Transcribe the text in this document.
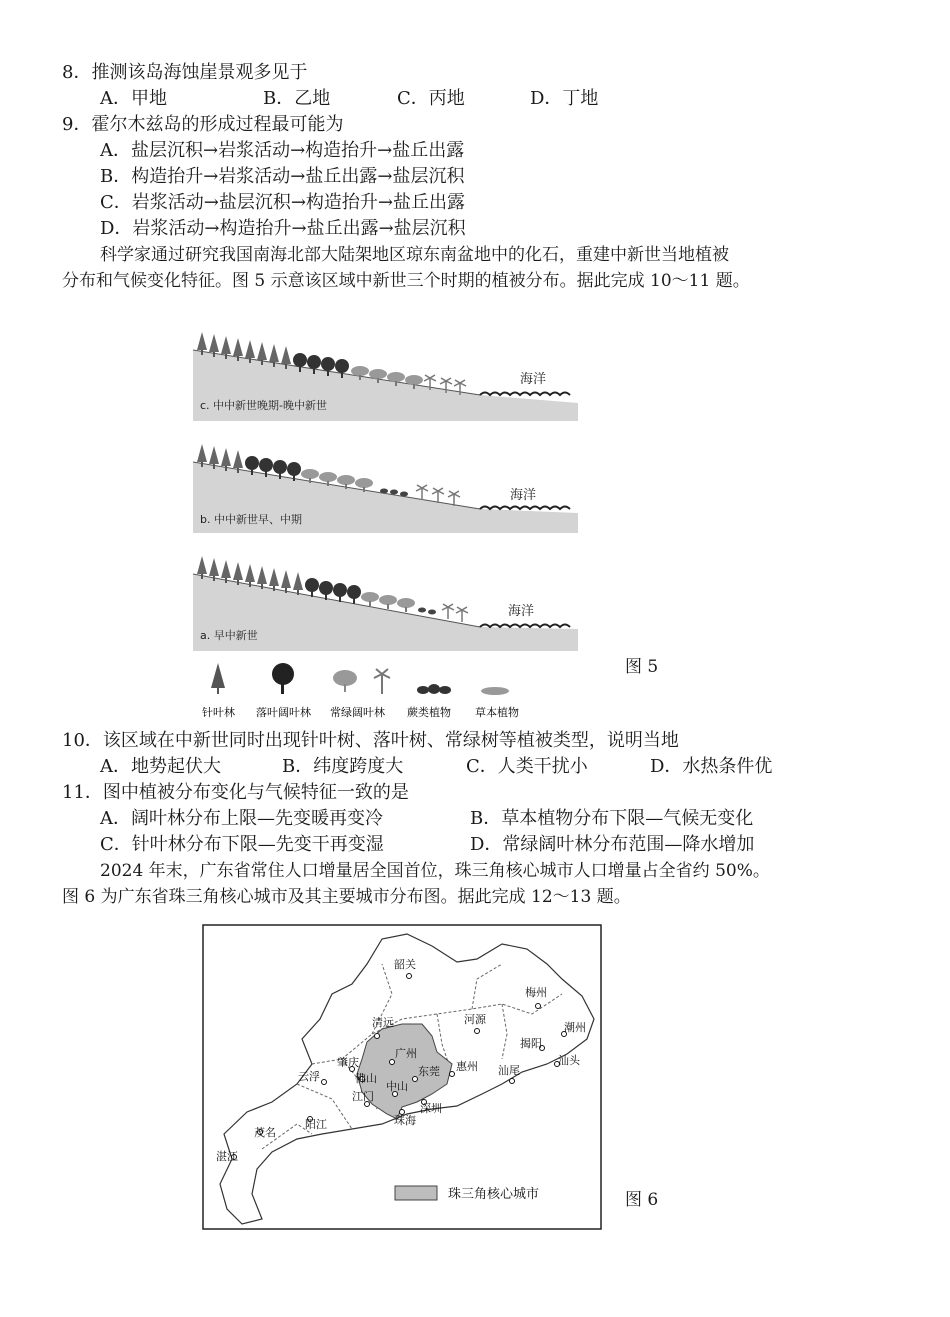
8．推测该岛海蚀崖景观多见于
A．甲地	B．乙地	C．丙地	D．丁地
9．霍尔木兹岛的形成过程最可能为
A．盐层沉积→岩浆活动→构造抬升→盐丘出露
B．构造抬升→岩浆活动→盐丘出露→盐层沉积
C．岩浆活动→盐层沉积→构造抬升→盐丘出露
D．岩浆活动→构造抬升→盐丘出露→盐层沉积
科学家通过研究我国南海北部大陆架地区琼东南盆地中的化石，重建中新世当地植被
分布和气候变化特征。图 5 示意该区域中新世三个时期的植被分布。据此完成 10～11 题。
c. 中中新世晚期-晚中新世
海洋
b. 中中新世早、中期
海洋
a. 早中新世
海洋
针叶林 落叶阔叶林 常绿阔叶林 蕨类植物 草本植物
图 5
10．该区域在中新世同时出现针叶树、落叶树、常绿树等植被类型，说明当地
A．地势起伏大	B．纬度跨度大	C．人类干扰小	D．水热条件优
11．图中植被分布变化与气候特征一致的是
A．阔叶林分布上限—先变暖再变冷	B．草本植物分布下限—气候无变化
C．针叶林分布下限—先变干再变湿	D．常绿阔叶林分布范围—降水增加
2024 年末，广东省常住人口增量居全国首位，珠三角核心城市人口增量占全省约 50%。
图 6 为广东省珠三角核心城市及其主要城市分布图。据此完成 12～13 题。
韶关
梅州
潮州
清远	河源
揭阳
汕头
肇庆
广州
惠州 汕尾
云浮	佛山
东莞
中山
江门
深圳
珠海
阳江
茂名
湛江
珠三角核心城市	图 6
